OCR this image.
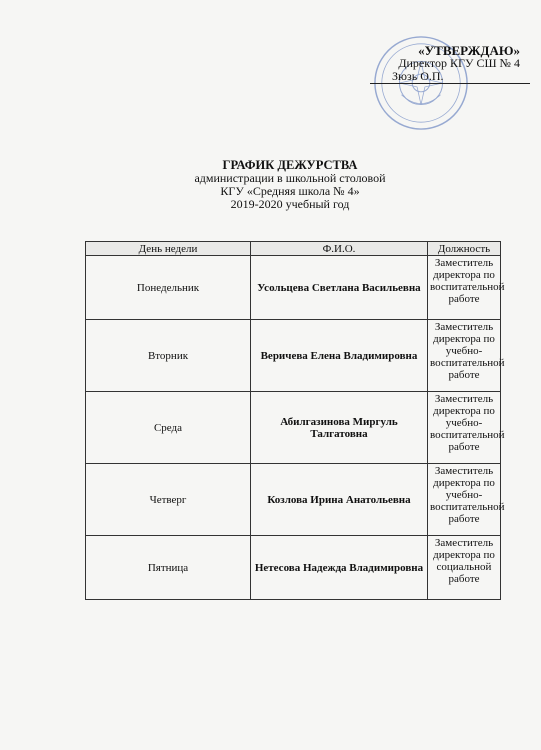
«УТВЕРЖДАЮ»
Директор КГУ СШ № 4
Зюзь О.П.
ГРАФИК ДЕЖУРСТВА
администрации в школьной столовой
КГУ «Средняя школа № 4»
2019-2020 учебный год
День недели	Ф.И.О.	Должность
Понедельник	Усольцева Светлана Васильевна	Заместитель директора по воспитательной работе
Вторник	Веричева Елена Владимировна	Заместитель директора по учебно-воспитательной работе
Среда	Абилгазинова Миргуль Талгатовна	Заместитель директора по учебно-воспитательной работе
Четверг	Козлова Ирина Анатольевна	Заместитель директора по учебно-воспитательной работе
Пятница	Нетесова Надежда Владимировна	Заместитель директора по социальной работе
